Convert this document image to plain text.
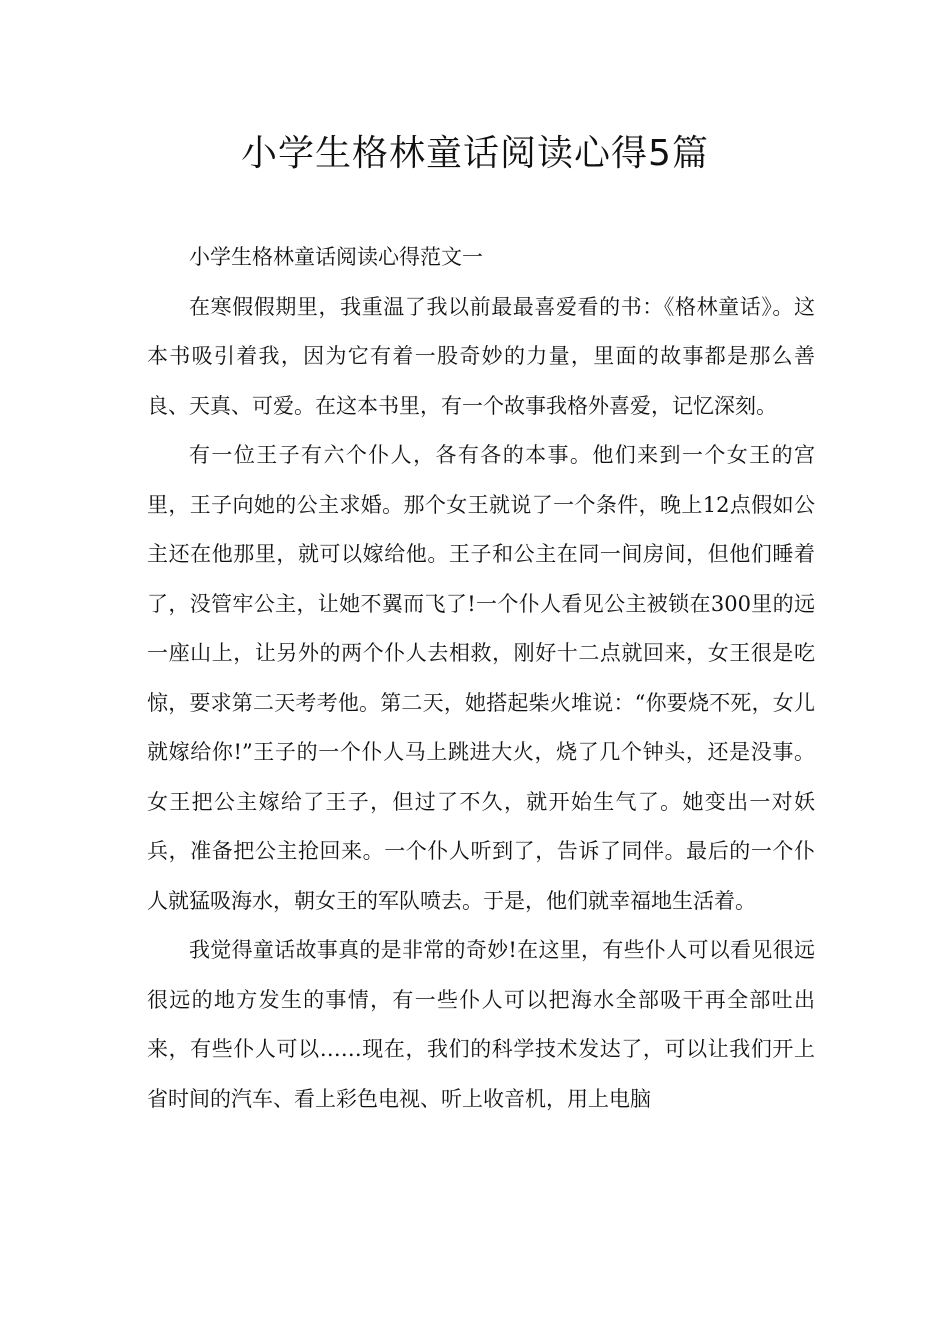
小学生格林童话阅读心得5篇

小学生格林童话阅读心得范文一

在寒假假期里，我重温了我以前最最喜爱看的书：《格林童话》。这本书吸引着我，因为它有着一股奇妙的力量，里面的故事都是那么善良、天真、可爱。在这本书里，有一个故事我格外喜爱，记忆深刻。

有一位王子有六个仆人，各有各的本事。他们来到一个女王的宫里，王子向她的公主求婚。那个女王就说了一个条件，晚上12点假如公主还在他那里，就可以嫁给他。王子和公主在同一间房间，但他们睡着了，没管牢公主，让她不翼而飞了!一个仆人看见公主被锁在300里的远一座山上，让另外的两个仆人去相救，刚好十二点就回来，女王很是吃惊，要求第二天考考他。第二天，她搭起柴火堆说：“你要烧不死，女儿就嫁给你!”王子的一个仆人马上跳进大火，烧了几个钟头，还是没事。女王把公主嫁给了王子，但过了不久，就开始生气了。她变出一对妖兵，准备把公主抢回来。一个仆人听到了，告诉了同伴。最后的一个仆人就猛吸海水，朝女王的军队喷去。于是，他们就幸福地生活着。

我觉得童话故事真的是非常的奇妙!在这里，有些仆人可以看见很远很远的地方发生的事情，有一些仆人可以把海水全部吸干再全部吐出来，有些仆人可以……现在，我们的科学技术发达了，可以让我们开上省时间的汽车、看上彩色电视、听上收音机，用上电脑
